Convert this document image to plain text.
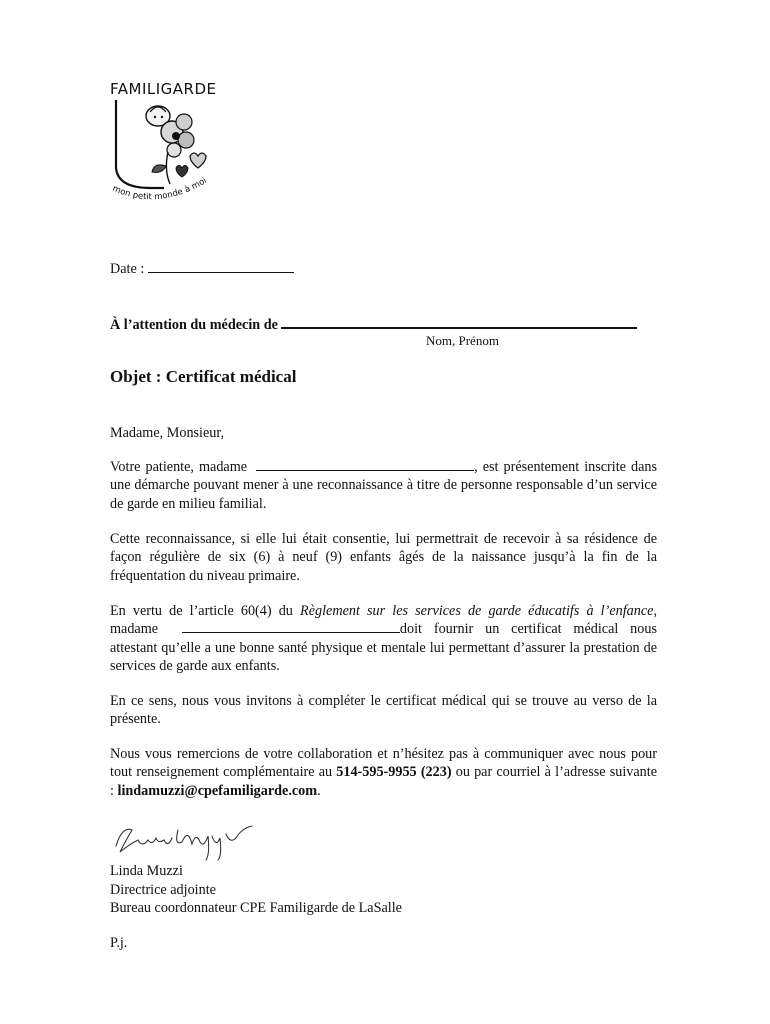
FAMILIGARDE
mon petit monde à moi
Date :
À l’attention du médecin de
Nom, Prénom
Objet : Certificat médical
Madame, Monsieur,

Votre patiente, madame	, est présentement inscrite dans une démarche pouvant mener à une reconnaissance à titre de personne responsable d’un service de garde en milieu familial.

Cette reconnaissance, si elle lui était consentie, lui permettrait de recevoir à sa résidence de façon régulière de six (6) à neuf (9) enfants âgés de la naissance jusqu’à la fin de la fréquentation du niveau primaire.

En vertu de l’article 60(4) du Règlement sur les services de garde éducatifs à l’enfance, madame	doit fournir un certificat médical nous attestant qu’elle a une bonne santé physique et mentale lui permettant d’assurer la prestation de services de garde aux enfants.

En ce sens, nous vous invitons à compléter le certificat médical qui se trouve au verso de la présente.

Nous vous remercions de votre collaboration et n’hésitez pas à communiquer avec nous pour tout renseignement complémentaire au 514-595-9955 (223) ou par courriel à l’adresse suivante : lindamuzzi@cpefamiligarde.com.

Linda Muzzi
Linda Muzzi
Directrice adjointe
Bureau coordonnateur CPE Familigarde de LaSalle
P.j.
